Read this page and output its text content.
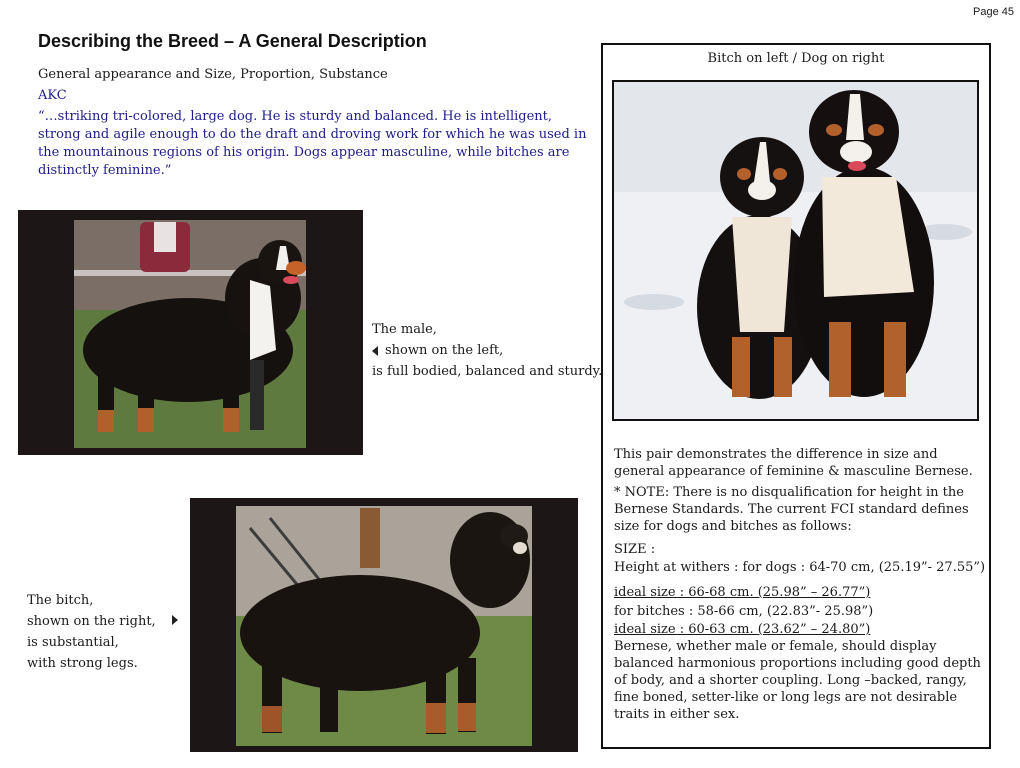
Page 45
Describing the Breed – A General Description
General appearance and Size, Proportion, Substance
AKC
“…striking tri-colored, large dog. He is sturdy and balanced. He is intelligent, strong and agile enough to do the draft and droving work for which he was used in the mountainous regions of his origin. Dogs appear masculine, while bitches are distinctly feminine.”
The male,
shown on the left,
is full bodied, balanced and sturdy.
The bitch,
shown on the right,
is substantial,
with strong legs.
Bitch on left / Dog on right
This pair demonstrates the difference in size and general appearance of feminine & masculine Bernese.
* NOTE: There is no disqualification for height in the Bernese Standards. The current FCI standard defines size for dogs and bitches as follows:
SIZE :
Height at withers : for dogs : 64-70 cm, (25.19”- 27.55”)
ideal size : 66-68 cm. (25.98” – 26.77”)
for bitches : 58-66 cm, (22.83”- 25.98”)
ideal size : 60-63 cm. (23.62” – 24.80”)
Bernese, whether male or female, should display balanced harmonious proportions including good depth of body, and a shorter coupling. Long –backed, rangy, fine boned, setter-like or long legs are not desirable traits in either sex.
